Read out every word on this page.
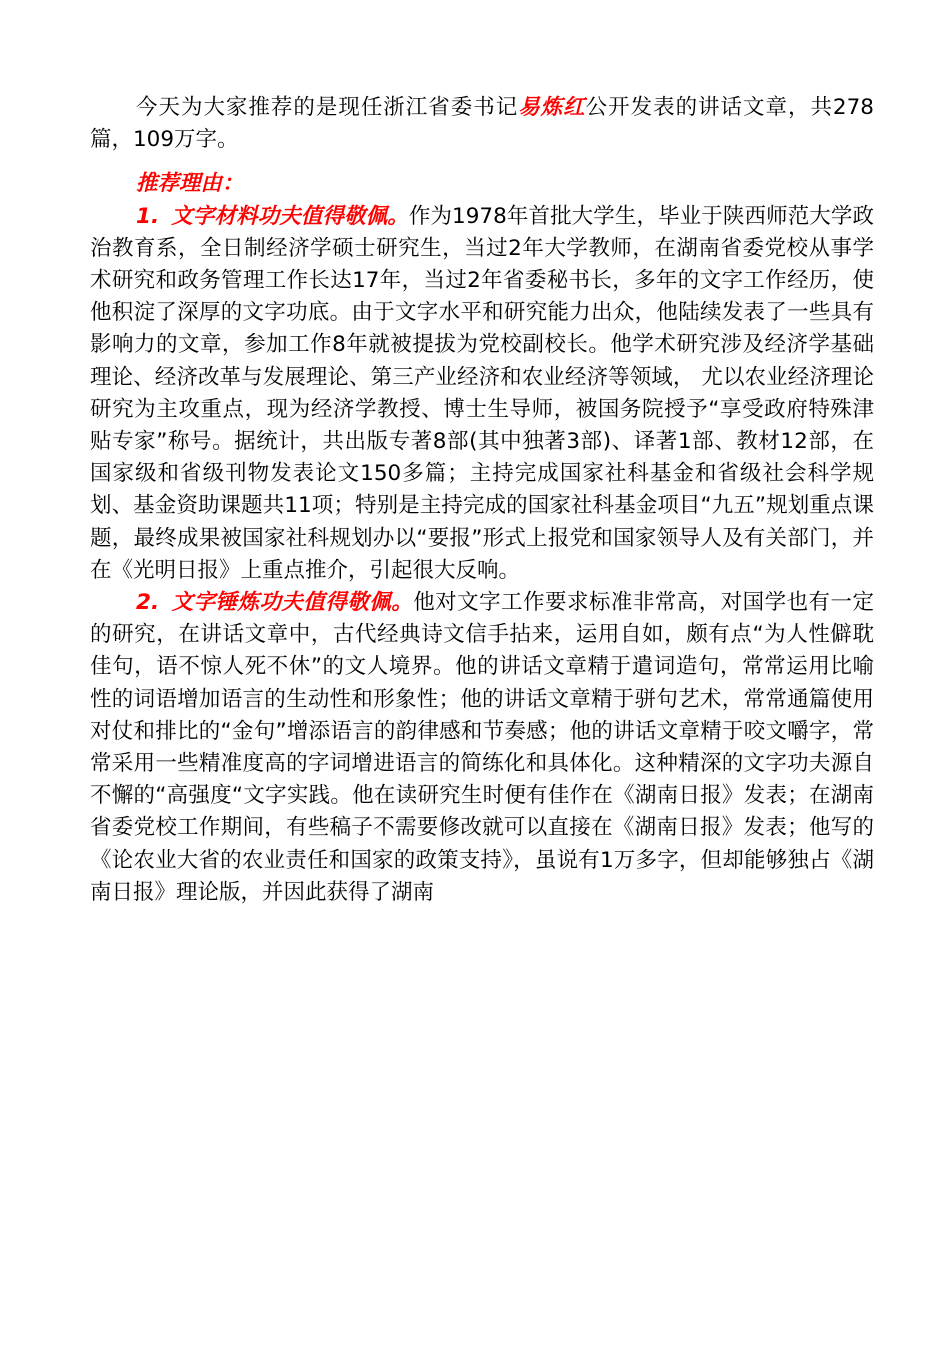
今天为大家推荐的是现任浙江省委书记易炼红公开发表的讲话文章，共278篇，109万字。

推荐理由：

1. 文字材料功夫值得敬佩。作为1978年首批大学生，毕业于陕西师范大学政治教育系，全日制经济学硕士研究生，当过2年大学教师，在湖南省委党校从事学术研究和政务管理工作长达17年，当过2年省委秘书长，多年的文字工作经历，使他积淀了深厚的文字功底。由于文字水平和研究能力出众，他陆续发表了一些具有影响力的文章，参加工作8年就被提拔为党校副校长。他学术研究涉及经济学基础理论、经济改革与发展理论、第三产业经济和农业经济等领域， 尤以农业经济理论研究为主攻重点，现为经济学教授、博士生导师，被国务院授予“享受政府特殊津贴专家”称号。据统计，共出版专著8部(其中独著3部)、译著1部、教材12部，在国家级和省级刊物发表论文150多篇；主持完成国家社科基金和省级社会科学规划、基金资助课题共11项；特别是主持完成的国家社科基金项目“九五”规划重点课题，最终成果被国家社科规划办以“要报”形式上报党和国家领导人及有关部门，并在《光明日报》上重点推介，引起很大反响。

2. 文字锤炼功夫值得敬佩。他对文字工作要求标准非常高，对国学也有一定的研究，在讲话文章中，古代经典诗文信手拈来，运用自如，颇有点“为人性僻耽佳句，语不惊人死不休”的文人境界。他的讲话文章精于遣词造句，常常运用比喻性的词语增加语言的生动性和形象性；他的讲话文章精于骈句艺术，常常通篇使用对仗和排比的“金句”增添语言的韵律感和节奏感；他的讲话文章精于咬文嚼字，常常采用一些精准度高的字词增进语言的简练化和具体化。这种精深的文字功夫源自不懈的“高强度“文字实践。他在读研究生时便有佳作在《湖南日报》发表；在湖南省委党校工作期间，有些稿子不需要修改就可以直接在《湖南日报》发表；他写的《论农业大省的农业责任和国家的政策支持》，虽说有1万多字，但却能够独占《湖南日报》理论版，并因此获得了湖南
